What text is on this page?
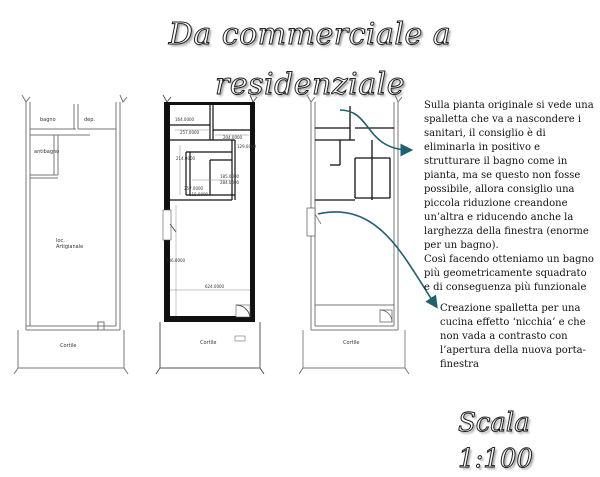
Da commerciale a residenziale
bagno	dep.
antibagno
loc.
Artigianale
Cortile
164.0000
257.0000
204.0000
129.0000
214.0000
185.0000
284.0000
257.0000
115.0000
736.0000
624.0000
Cortile	Cortile
Sulla pianta originale si vede una spalletta che va a nascondere i sanitari, il consiglio è di eliminarla in positivo e strutturare il bagno come in pianta, ma se questo non fosse possibile, allora consiglio una piccola riduzione creandone un’altra e riducendo anche la larghezza della finestra (enorme per un bagno).
Così facendo otteniamo un bagno più geometricamente squadrato e di conseguenza più funzionale
Creazione spalletta per una cucina effetto ‘nicchia’ e che non vada a contrasto con l’apertura della nuova porta-finestra
Scala 1:100
